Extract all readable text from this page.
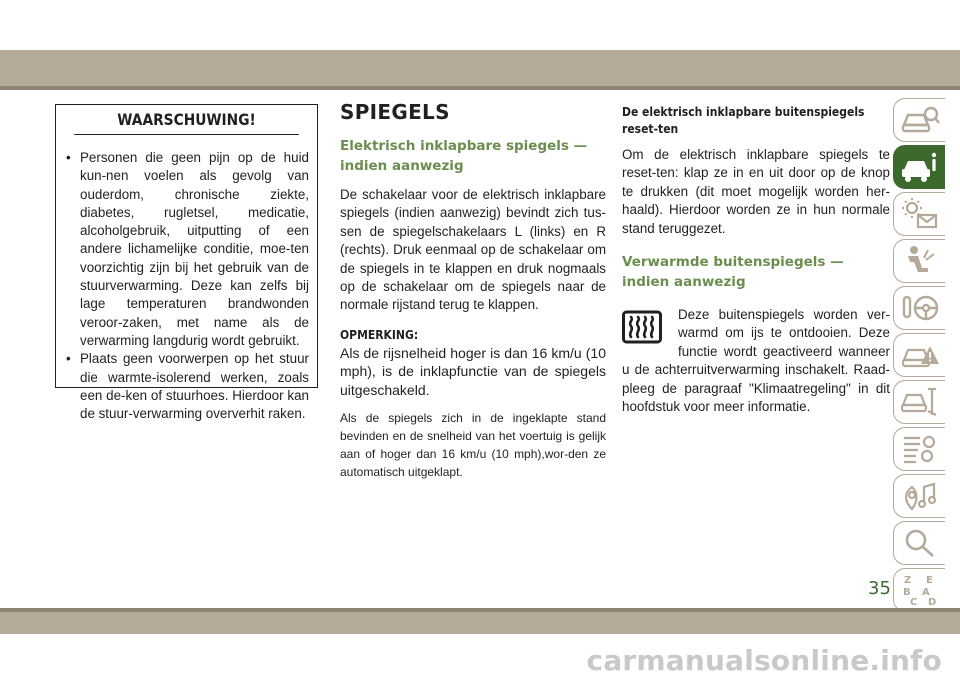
WAARSCHUWING!
• Personen die geen pijn op de huid kun-nen voelen als gevolg van ouderdom, chronische ziekte, diabetes, rugletsel, medicatie, alcoholgebruik, uitputting of een andere lichamelijke conditie, moe-ten voorzichtig zijn bij het gebruik van de stuurverwarming. Deze kan zelfs bij lage temperaturen brandwonden veroor-zaken, met name als de verwarming langdurig wordt gebruikt.
• Plaats geen voorwerpen op het stuur die warmte-isolerend werken, zoals een de-ken of stuurhoes. Hierdoor kan de stuur-verwarming oververhit raken.
SPIEGELS
Elektrisch inklapbare spiegels — indien aanwezig
De schakelaar voor de elektrisch inklapbare spiegels (indien aanwezig) bevindt zich tus-sen de spiegelschakelaars L (links) en R (rechts). Druk eenmaal op de schakelaar om de spiegels in te klappen en druk nogmaals op de schakelaar om de spiegels naar de normale rijstand terug te klappen.
OPMERKING:
Als de rijsnelheid hoger is dan 16 km/u (10 mph), is de inklapfunctie van de spiegels uitgeschakeld.
Als de spiegels zich in de ingeklapte stand bevinden en de snelheid van het voertuig is gelijk aan of hoger dan 16 km/u (10 mph),wor-den ze automatisch uitgeklapt.
De elektrisch inklapbare buitenspiegels reset-ten
Om de elektrisch inklapbare spiegels te reset-ten: klap ze in en uit door op de knop te drukken (dit moet mogelijk worden her-haald). Hierdoor worden ze in hun normale stand teruggezet.
Verwarmde buitenspiegels — indien aanwezig
Deze buitenspiegels worden ver-warmd om ijs te ontdooien. Deze functie wordt geactiveerd wanneer u de achterruitverwarming inschakelt. Raad-pleeg de paragraaf "Klimaatregeling" in dit hoofdstuk voor meer informatie.
Z E
B A
C D
35
carmanualsonline.info
